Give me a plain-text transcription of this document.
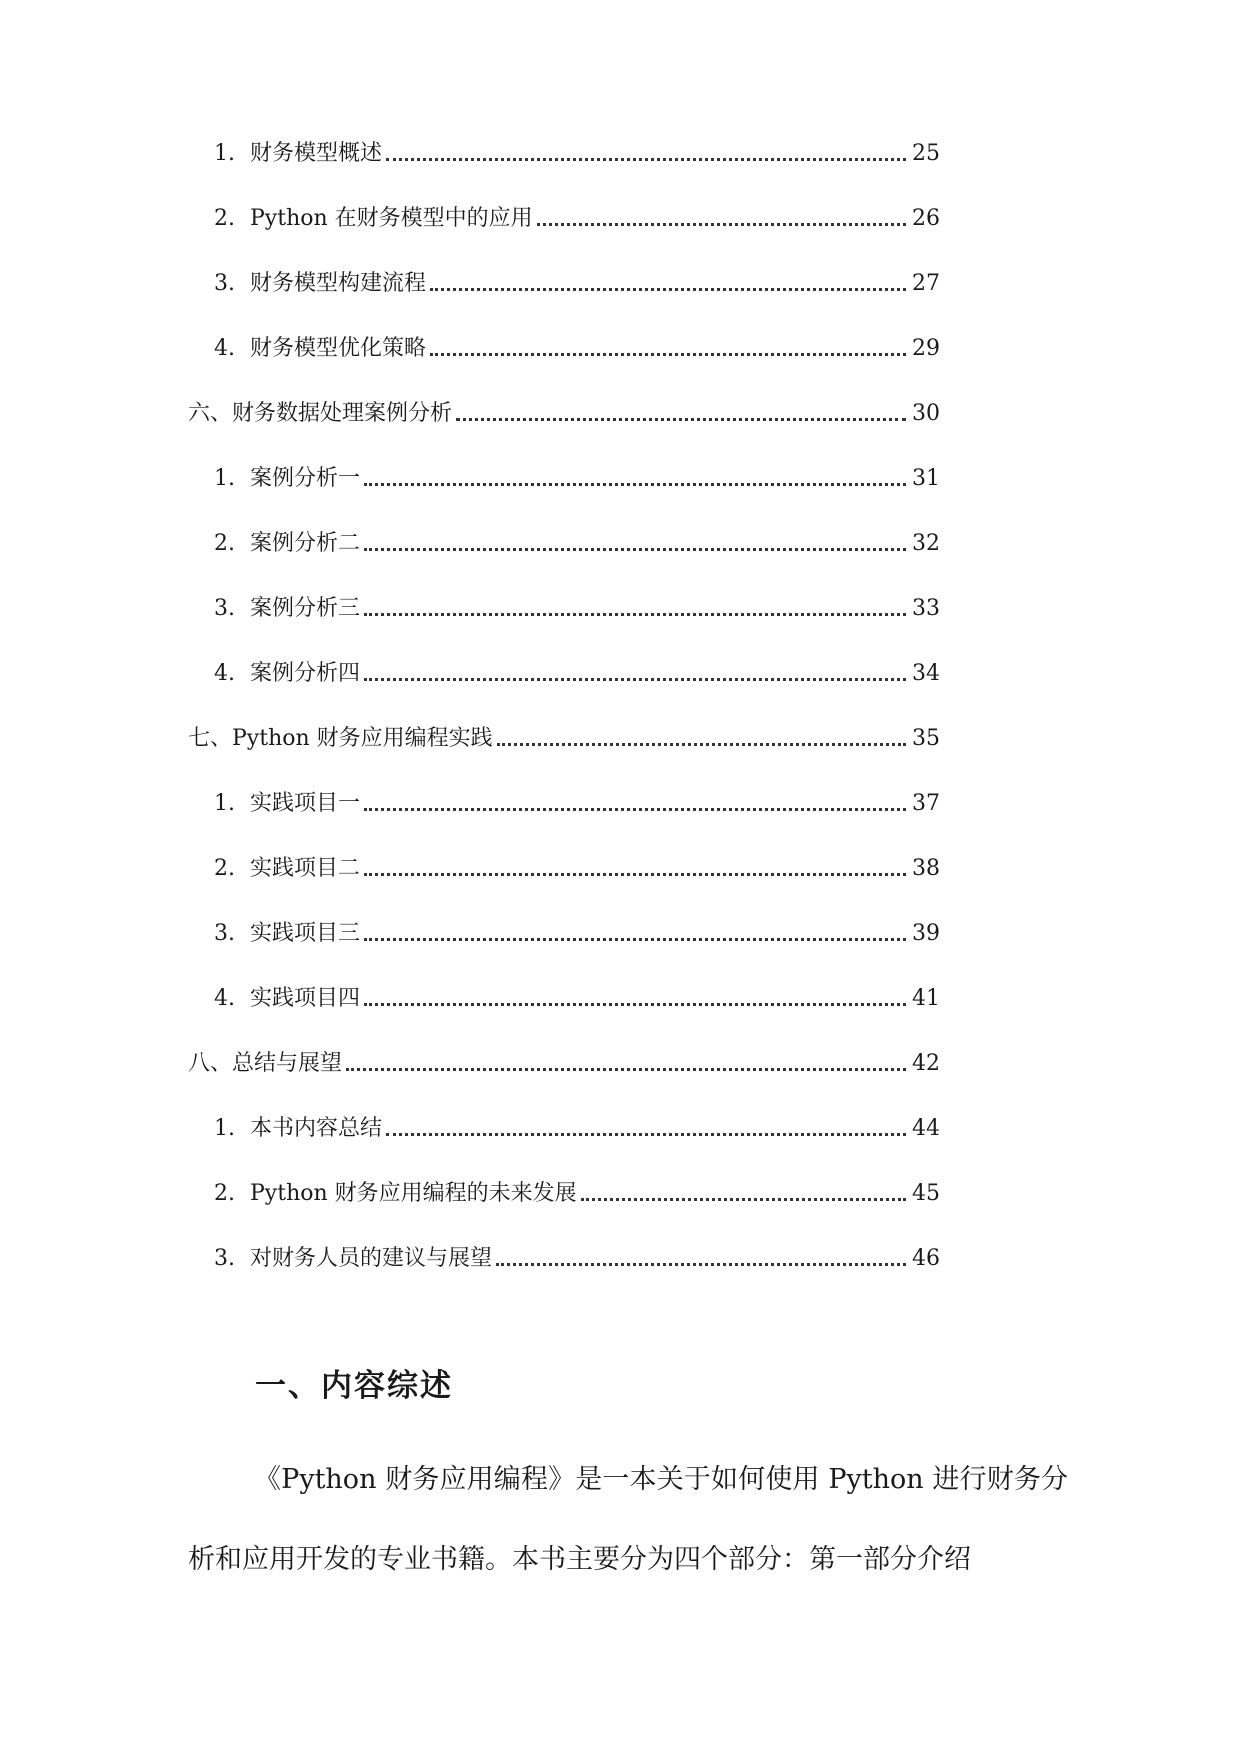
1. 财务模型概述	25
2. Python 在财务模型中的应用	26
3. 财务模型构建流程	27
4. 财务模型优化策略	29
六、财务数据处理案例分析	30
1. 案例分析一	31
2. 案例分析二	32
3. 案例分析三	33
4. 案例分析四	34
七、Python 财务应用编程实践	35
1. 实践项目一	37
2. 实践项目二	38
3. 实践项目三	39
4. 实践项目四	41
八、总结与展望	42
1. 本书内容总结	44
2. Python 财务应用编程的未来发展	45
3. 对财务人员的建议与展望	46
一、内容综述

《Python 财务应用编程》是一本关于如何使用 Python 进行财务分析和应用开发的专业书籍。本书主要分为四个部分：第一部分介绍
